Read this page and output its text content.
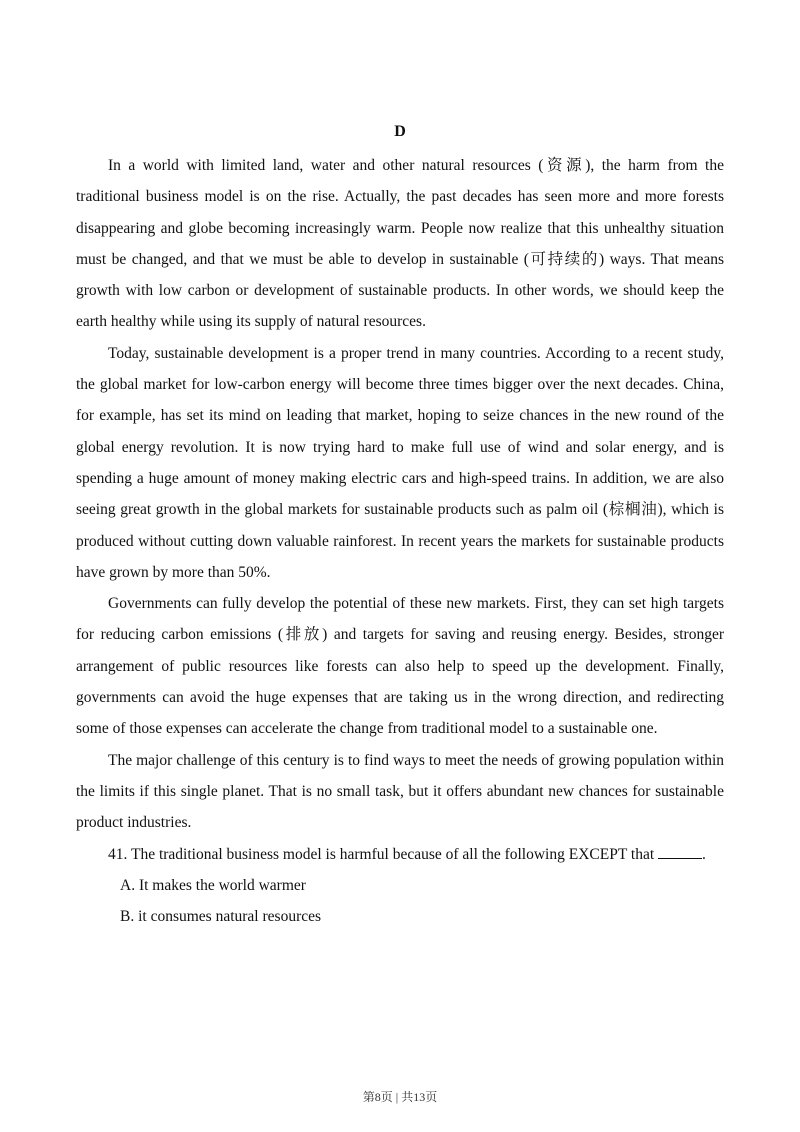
D

In a world with limited land, water and other natural resources (资源), the harm from the traditional business model is on the rise. Actually, the past decades has seen more and more forests disappearing and globe becoming increasingly warm. People now realize that this unhealthy situation must be changed, and that we must be able to develop in sustainable (可持续的) ways. That means growth with low carbon or development of sustainable products. In other words, we should keep the earth healthy while using its supply of natural resources.

Today, sustainable development is a proper trend in many countries. According to a recent study, the global market for low-carbon energy will become three times bigger over the next decades. China, for example, has set its mind on leading that market, hoping to seize chances in the new round of the global energy revolution. It is now trying hard to make full use of wind and solar energy, and is spending a huge amount of money making electric cars and high-speed trains. In addition, we are also seeing great growth in the global markets for sustainable products such as palm oil (棕榈油), which is produced without cutting down valuable rainforest. In recent years the markets for sustainable products have grown by more than 50%.

Governments can fully develop the potential of these new markets. First, they can set high targets for reducing carbon emissions (排放) and targets for saving and reusing energy. Besides, stronger arrangement of public resources like forests can also help to speed up the development. Finally, governments can avoid the huge expenses that are taking us in the wrong direction, and redirecting some of those expenses can accelerate the change from traditional model to a sustainable one.

The major challenge of this century is to find ways to meet the needs of growing population within the limits if this single planet. That is no small task, but it offers abundant new chances for sustainable product industries.

41. The traditional business model is harmful because of all the following EXCEPT that	.

A. It makes the world warmer

B. it consumes natural resources

第8页 | 共13页
